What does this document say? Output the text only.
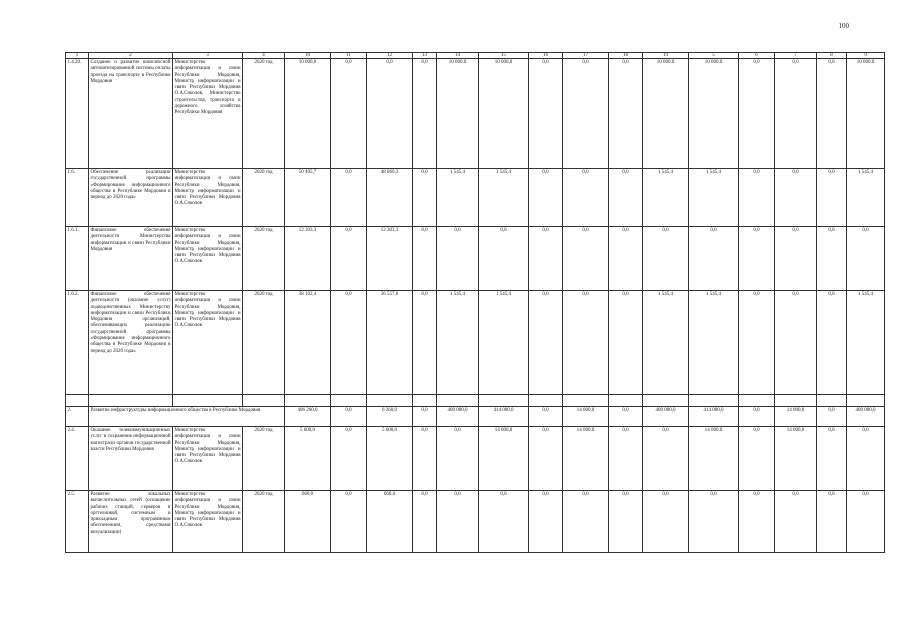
100
1	2	3	4	10	11	12	13	14	15	16	17	18	19	5	6	7	8	9
1.4.20.	Создание и развитие комплексной автоматизированной системы оплаты проезда на транспорте в Республике Мордовия	Министерство информатизации и связи Республики Мордовия, Министр информатизации и связи Республики Мордовия О.А.Соколов, Министерство строительства, транспорта и дорожного хозяйства Республики Мордовия	2020 год	10 000,0	0,0	0,0	0,0	10 000,0	10 000,0	0,0	0,0	0,0	10 000,0	10 000,0	0,0	0,0	0,0	10 000,0
1.6.	Обеспечение реализации государственной программы «Формирование информационного общества в Республике Мордовия в период до 2020 года»	Министерство информатизации и связи Республики Мордовия, Министр информатизации и связи Республики Мордовия О.А.Соколов	2020 год	50 405,7	0,0	48 860,3	0,0	1 545,4	1 545,4	0,0	0,0	0,0	1 545,4	1 545,4	0,0	0,0	0,0	1 545,4
1.6.1.	Финансовое обеспечение деятельности Министерства информатизации и связи Республики Мордовия	Министерство информатизации и связи Республики Мордовия, Министр информатизации и связи Республики Мордовия О.А.Соколов	2020 год	12 303,3	0,0	12 303,3	0,0	0,0	0,0	0,0	0,0	0,0	0,0	0,0	0,0	0,0	0,0	0,0
1.6.2.	Финансовое обеспечение деятельности (оказание услуг) подведомственных Министерству информатизации и связи Республики Мордовия организаций, обеспечивающих реализацию государственной программы «Формирование информационного общества в Республике Мордовия в период до 2020 года»	Министерство информатизации и связи Республики Мордовия, Министр информатизации и связи Республики Мордовия О.А.Соколов	2020 год	38 102,4	0,0	36 557,0	0,0	1 545,4	1 545,4	0,0	0,0	0,0	1 545,4	1 545,4	0,0	0,0	0,0	1 545,4

2.	Развитие инфраструктуры информационного общества в Республике Мордовия			406 260,0	0,0	6 260,0	0,0	400 000,0	414 000,0	0,0	14 000,0	0,0	400 000,0	414 000,0	0,0	14 000,0	0,0	400 000,0
2.4.	Оказание телекоммуникационных услуг и сохранение информационной магистрали органов государственной власти Республики Мордовия	Министерство информатизации и связи Республики Мордовия, Министр информатизации и связи Республики Мордовия О.А.Соколов	2020 год	5 600,0	0,0	5 600,0	0,0	0,0	14 000,0	0,0	14 000,0	0,0	0,0	14 000,0	0,0	14 000,0	0,0	0,0
2.5.	Развитие локальных вычислительных сетей (оснащение рабочих станций, серверов и оргтехникой, системным и прикладным программным обеспечением, средствами визуализации)	Министерство информатизации и связи Республики Мордовия, Министр информатизации и связи Республики Мордовия О.А.Соколов	2020 год	660,0	0,0	660,0	0,0	0,0	0,0	0,0	0,0	0,0	0,0	0,0	0,0	0,0	0,0	0,0
